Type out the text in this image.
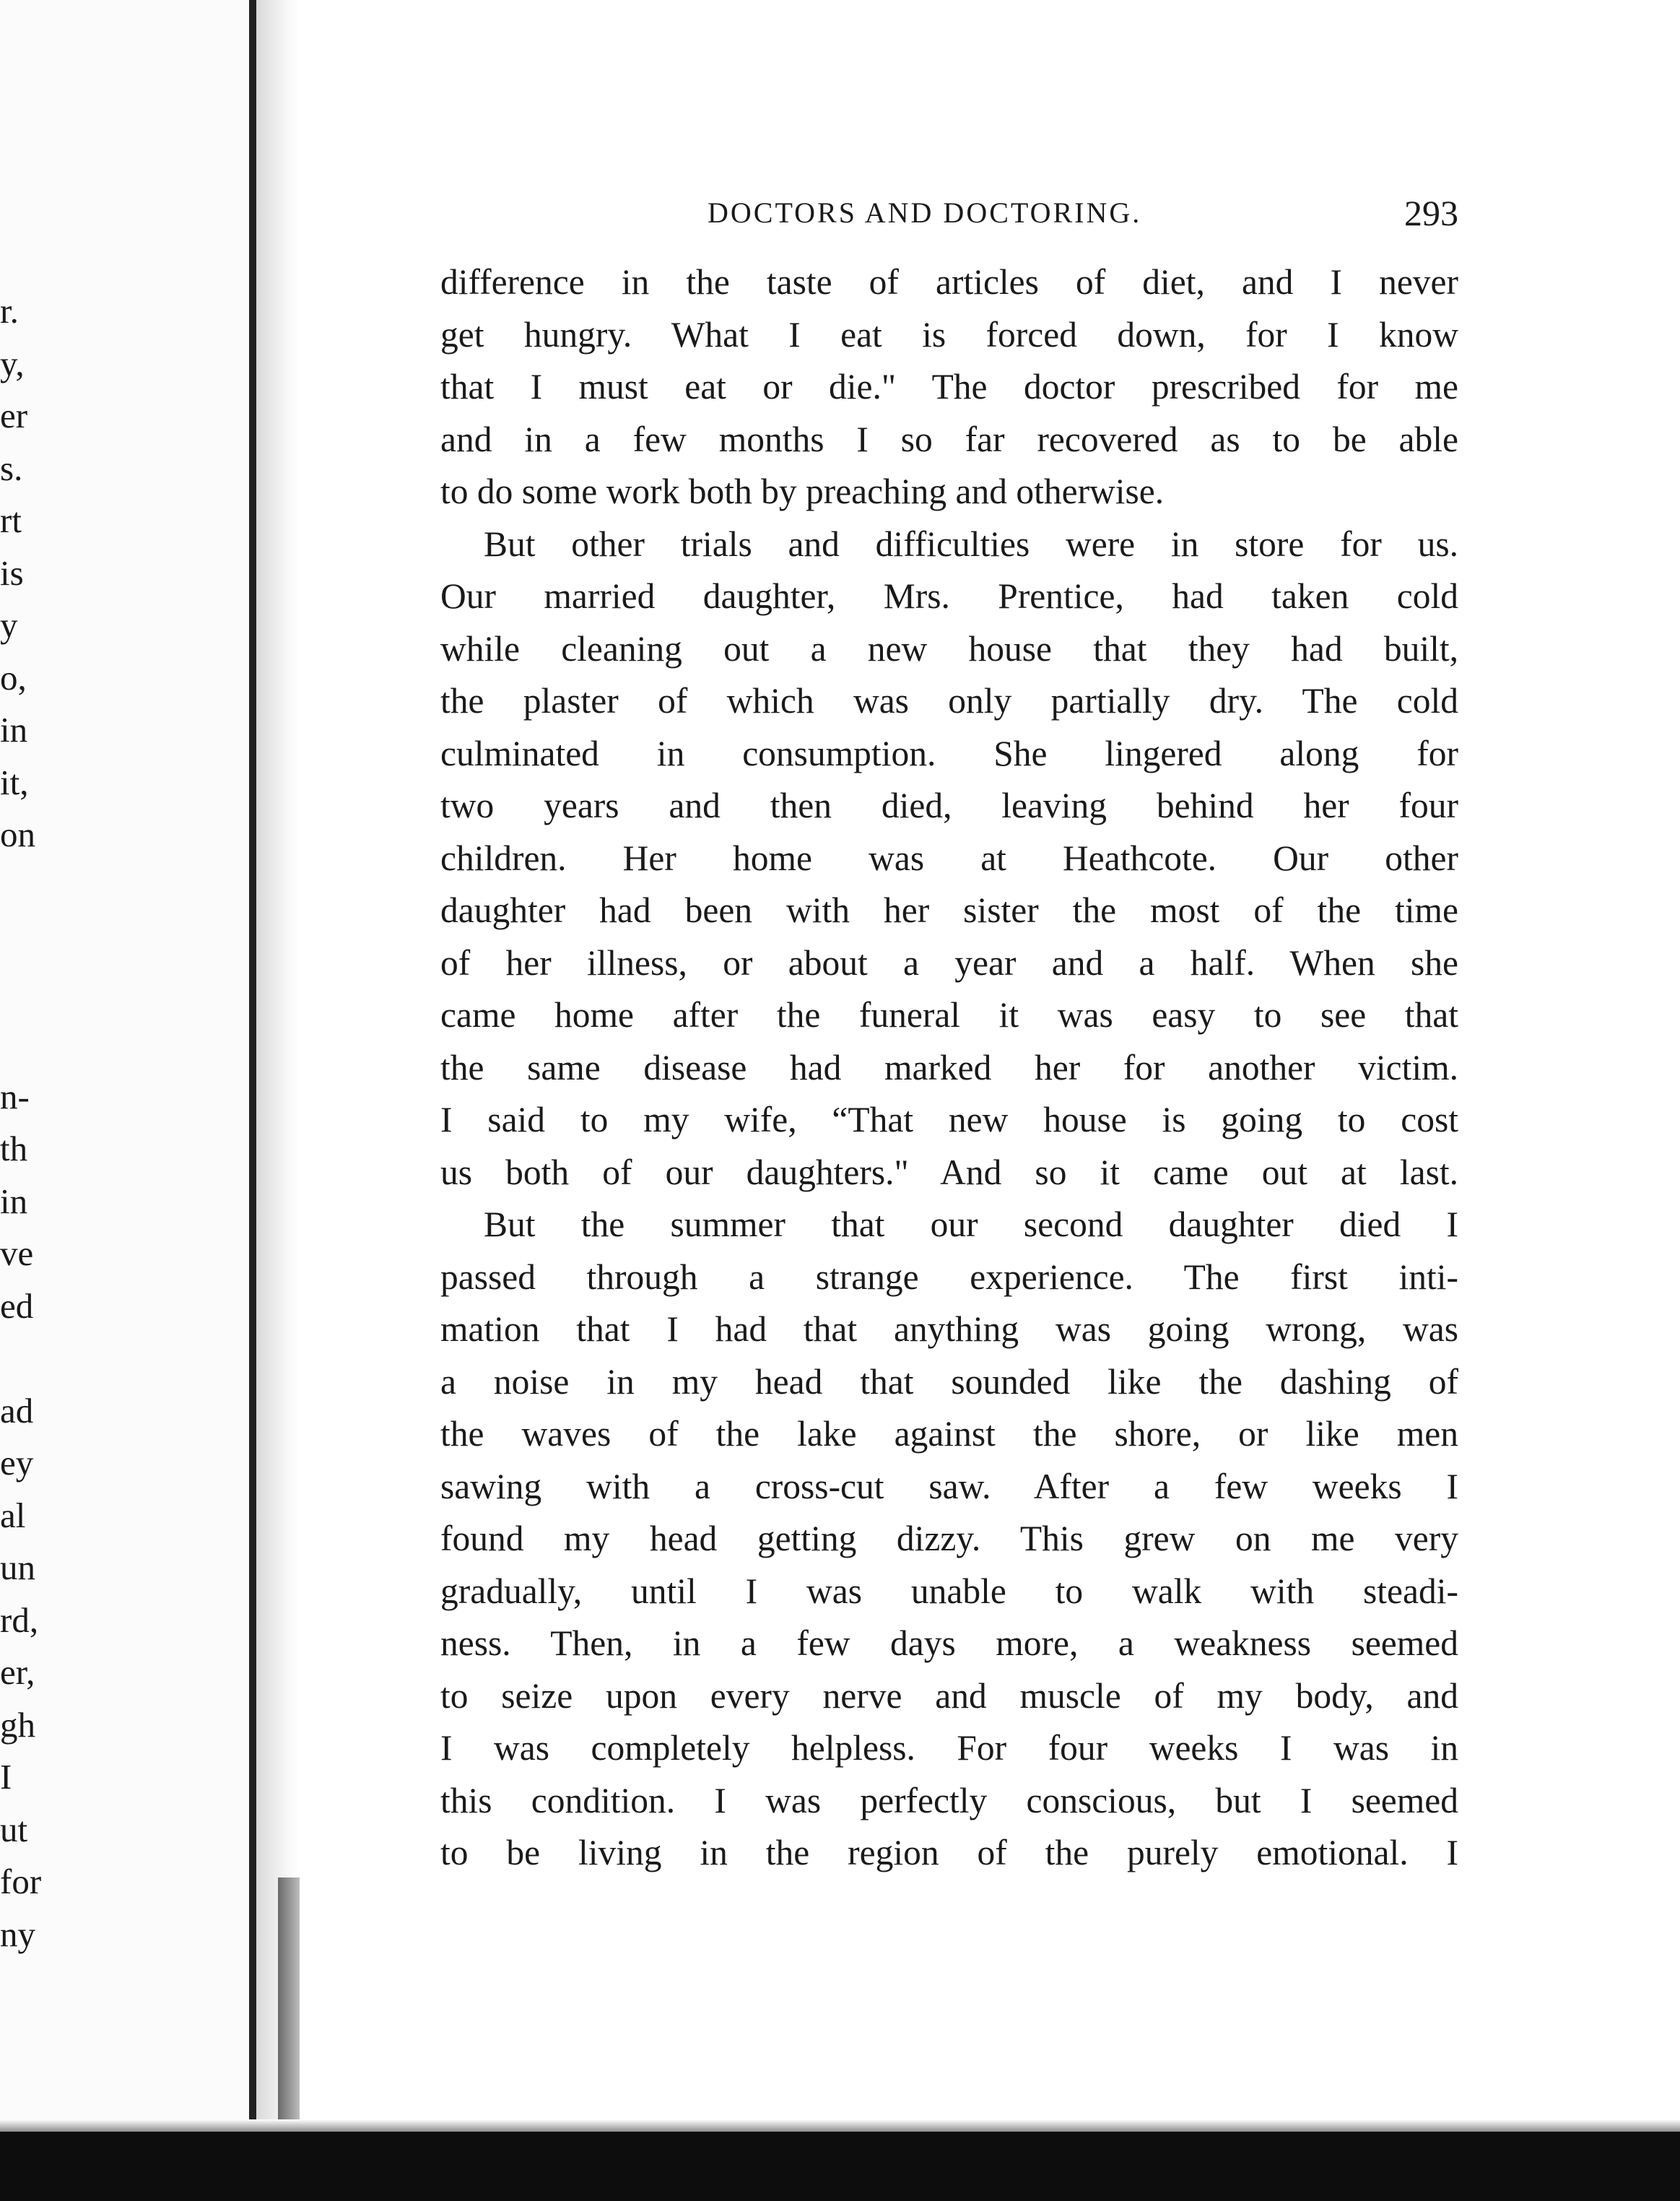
r.
y,
er
s.
rt
is
y
o,
in
it,
on
n-
th
in
ve
ed
ad
ey
al
un
rd,
er,
gh
I
ut
for
ny
DOCTORS AND DOCTORING.	293

difference in the taste of articles of diet, and I never
get hungry. What I eat is forced down, for I know
that I must eat or die." The doctor prescribed for me
and in a few months I so far recovered as to be able
to do some work both by preaching and otherwise.

But other trials and difficulties were in store for us.
Our married daughter, Mrs. Prentice, had taken cold
while cleaning out a new house that they had built,
the plaster of which was only partially dry. The cold
culminated in consumption. She lingered along for
two years and then died, leaving behind her four
children. Her home was at Heathcote. Our other
daughter had been with her sister the most of the time
of her illness, or about a year and a half. When she
came home after the funeral it was easy to see that
the same disease had marked her for another victim.
I said to my wife, “That new house is going to cost
us both of our daughters." And so it came out at last.

But the summer that our second daughter died I
passed through a strange experience. The first inti-
mation that I had that anything was going wrong, was
a noise in my head that sounded like the dashing of
the waves of the lake against the shore, or like men
sawing with a cross-cut saw. After a few weeks I
found my head getting dizzy. This grew on me very
gradually, until I was unable to walk with steadi-
ness. Then, in a few days more, a weakness seemed
to seize upon every nerve and muscle of my body, and
I was completely helpless. For four weeks I was in
this condition. I was perfectly conscious, but I seemed
to be living in the region of the purely emotional. I
